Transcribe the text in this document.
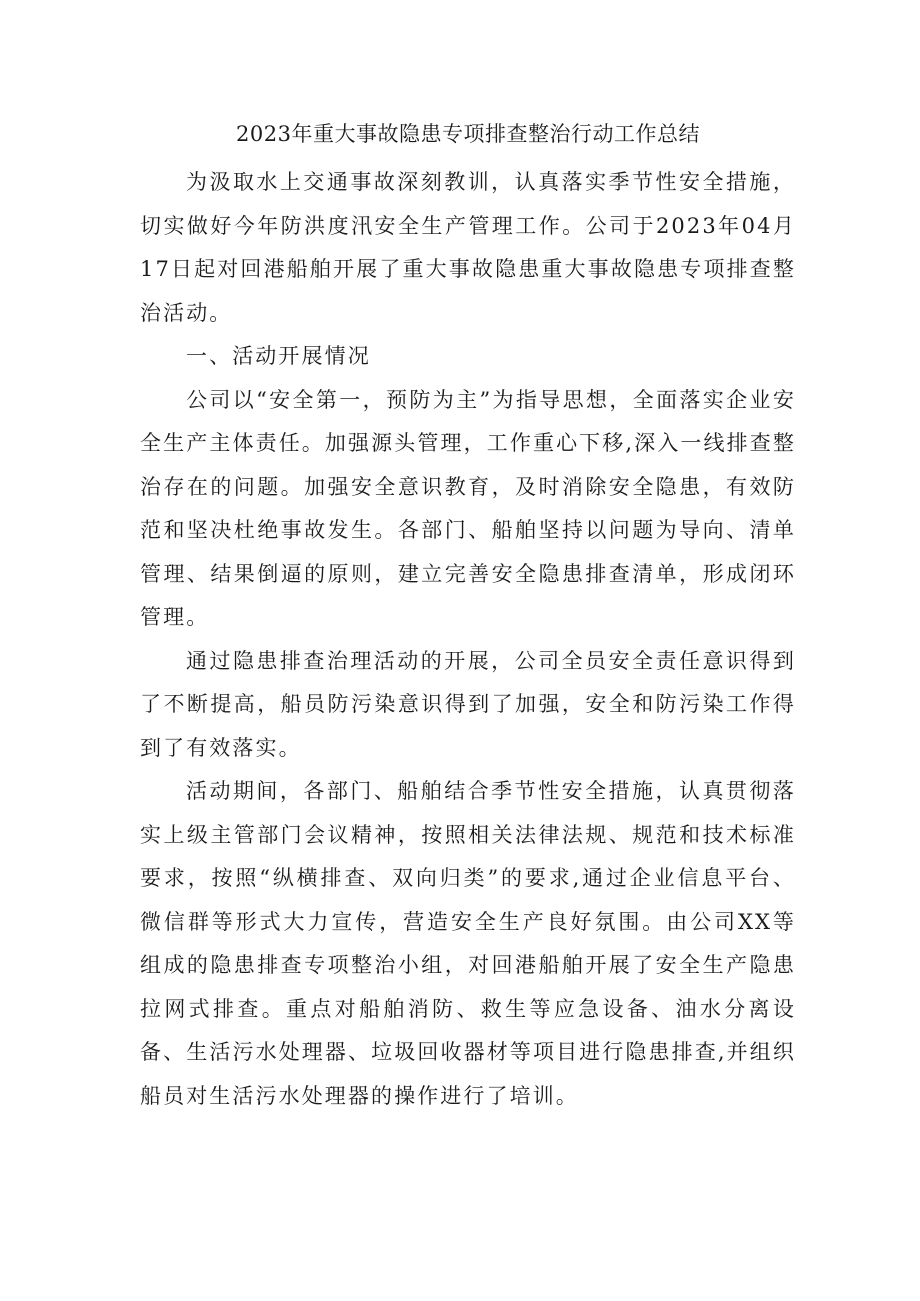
2023年重大事故隐患专项排查整治行动工作总结

为汲取水上交通事故深刻教训，认真落实季节性安全措施，切实做好今年防洪度汛安全生产管理工作。公司于2023年04月17日起对回港船舶开展了重大事故隐患重大事故隐患专项排查整治活动。

一、活动开展情况

公司以“安全第一，预防为主”为指导思想，全面落实企业安全生产主体责任。加强源头管理，工作重心下移,深入一线排查整治存在的问题。加强安全意识教育，及时消除安全隐患，有效防范和坚决杜绝事故发生。各部门、船舶坚持以问题为导向、清单管理、结果倒逼的原则，建立完善安全隐患排查清单，形成闭环管理。

通过隐患排查治理活动的开展，公司全员安全责任意识得到了不断提高，船员防污染意识得到了加强，安全和防污染工作得到了有效落实。

活动期间，各部门、船舶结合季节性安全措施，认真贯彻落实上级主管部门会议精神，按照相关法律法规、规范和技术标准要求，按照“纵横排查、双向归类”的要求,通过企业信息平台、微信群等形式大力宣传，营造安全生产良好氛围。由公司XX等组成的隐患排查专项整治小组，对回港船舶开展了安全生产隐患拉网式排查。重点对船舶消防、救生等应急设备、油水分离设备、生活污水处理器、垃圾回收器材等项目进行隐患排查,并组织船员对生活污水处理器的操作进行了培训。
